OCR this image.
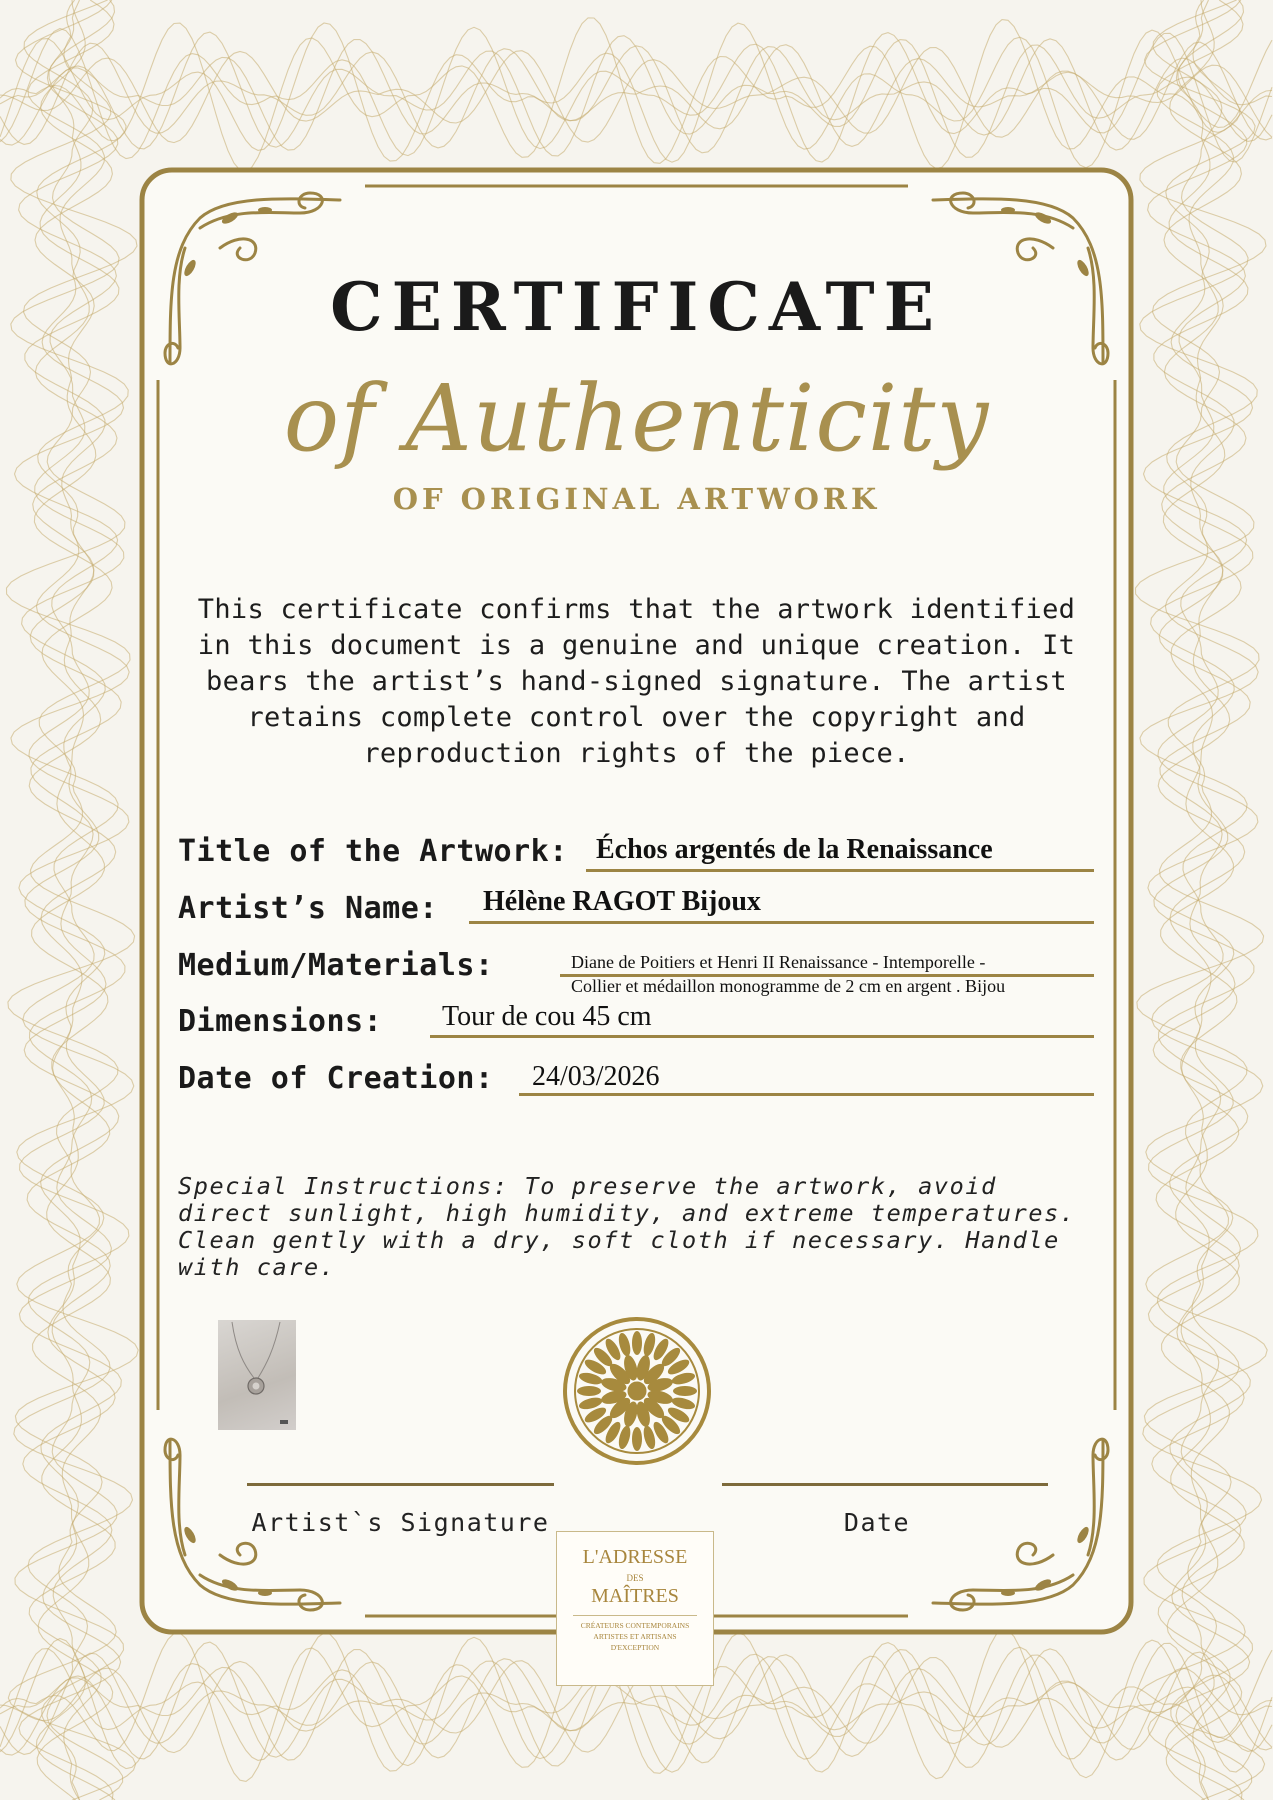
CERTIFICATE
of Authenticity
OF ORIGINAL ARTWORK
This certificate confirms that the artwork identified in this document is a genuine and unique creation. It bears the artist’s hand-signed signature. The artist retains complete control over the copyright and reproduction rights of the piece.
Title of the Artwork: Échos argentés de la Renaissance
Artist’s Name: Hélène RAGOT Bijoux
Medium/Materials:	Diane de Poitiers et Henri II Renaissance - Intemporelle -
Collier et médaillon monogramme de 2 cm en argent . Bijou
Dimensions: Tour de cou 45 cm
Date of Creation: 24/03/2026
Special Instructions: To preserve the artwork, avoid direct sunlight, high humidity, and extreme temperatures. Clean gently with a dry, soft cloth if necessary. Handle with care.
Artist`s Signature	Date
L'ADRESSE
DES
MAÎTRES
CRÉATEURS CONTEMPORAINS
ARTISTES ET ARTISANS
D'EXCEPTION
